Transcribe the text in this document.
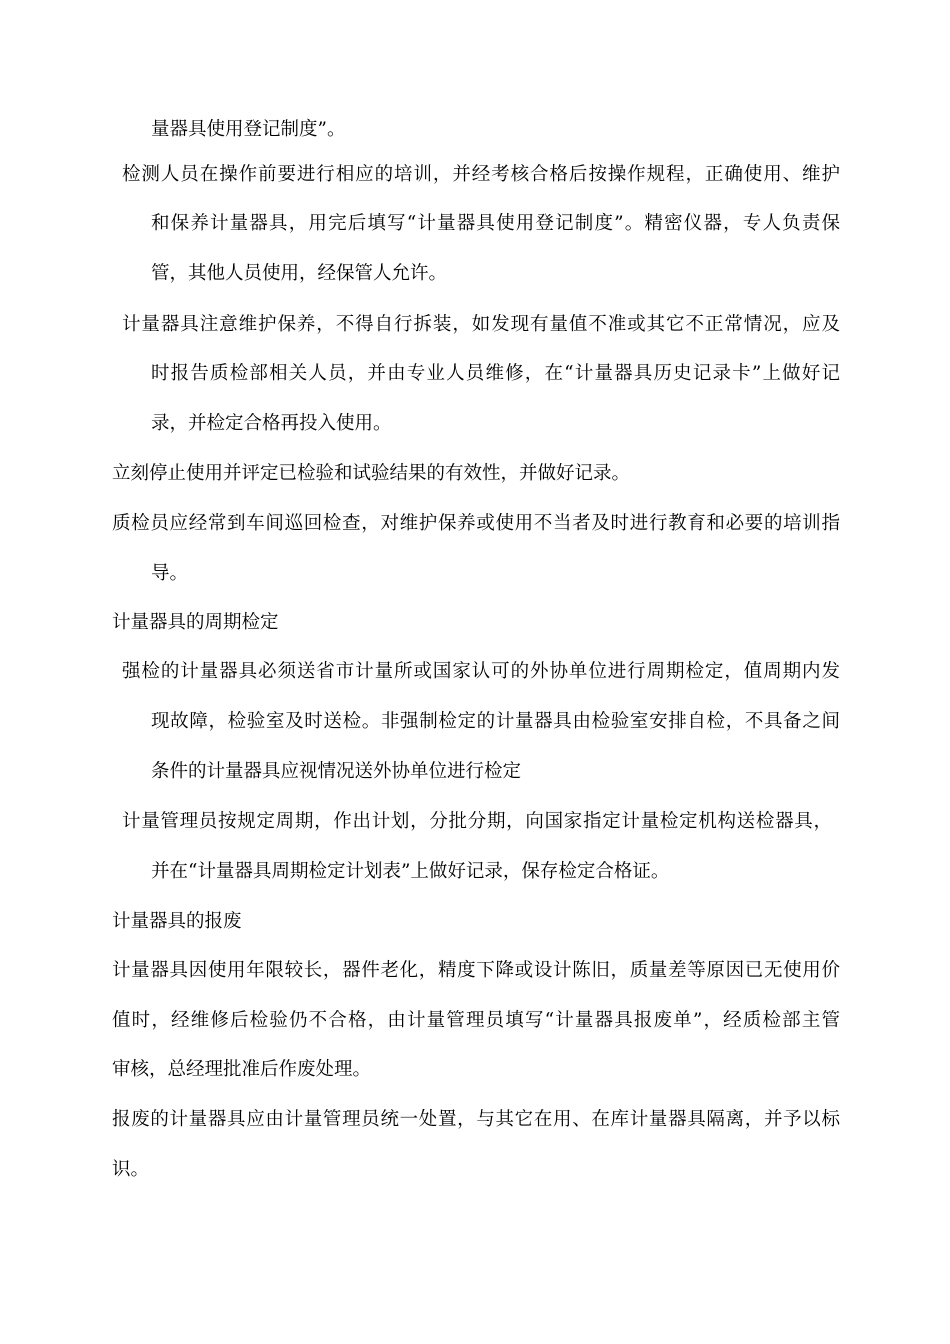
量器具使用登记制度”。

检测人员在操作前要进行相应的培训，并经考核合格后按操作规程，正确使用、维护

和保养计量器具，用完后填写“计量器具使用登记制度”。精密仪器，专人负责保

管，其他人员使用，经保管人允许。

计量器具注意维护保养，不得自行拆装，如发现有量值不准或其它不正常情况，应及

时报告质检部相关人员，并由专业人员维修，在“计量器具历史记录卡”上做好记

录，并检定合格再投入使用。

立刻停止使用并评定已检验和试验结果的有效性，并做好记录。

质检员应经常到车间巡回检查，对维护保养或使用不当者及时进行教育和必要的培训指

导。

计量器具的周期检定

强检的计量器具必须送省市计量所或国家认可的外协单位进行周期检定，值周期内发

现故障，检验室及时送检。非强制检定的计量器具由检验室安排自检，不具备之间

条件的计量器具应视情况送外协单位进行检定

计量管理员按规定周期，作出计划，分批分期，向国家指定计量检定机构送检器具，

并在“计量器具周期检定计划表”上做好记录，保存检定合格证。

计量器具的报废

计量器具因使用年限较长，器件老化，精度下降或设计陈旧，质量差等原因已无使用价

值时，经维修后检验仍不合格，由计量管理员填写“计量器具报废单”，经质检部主管

审核，总经理批准后作废处理。

报废的计量器具应由计量管理员统一处置，与其它在用、在库计量器具隔离，并予以标

识。
